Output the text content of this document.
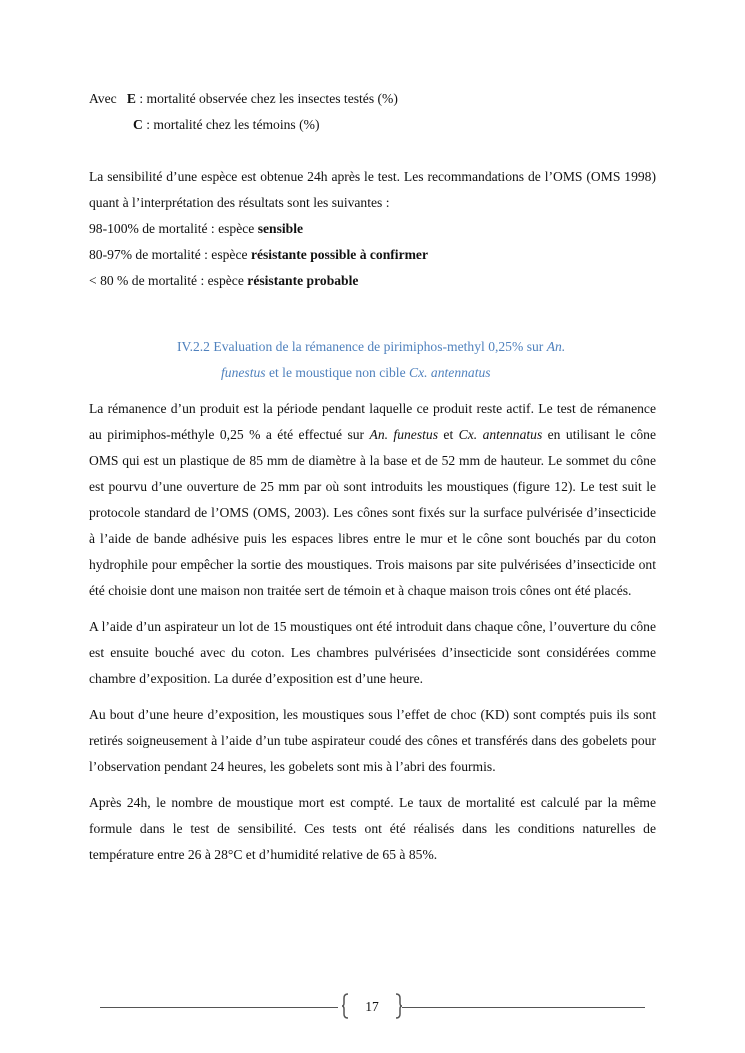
Avec E : mortalité observée chez les insectes testés (%)
C : mortalité chez les témoins (%)

La sensibilité d’une espèce est obtenue 24h après le test. Les recommandations de l’OMS (OMS 1998) quant à l’interprétation des résultats sont les suivantes :

98-100% de mortalité : espèce sensible
80-97% de mortalité : espèce résistante possible à confirmer
< 80 % de mortalité : espèce résistante probable
IV.2.2 Evaluation de la rémanence de pirimiphos-methyl 0,25% sur An.
funestus et le moustique non cible Cx. antennatus

La rémanence d’un produit est la période pendant laquelle ce produit reste actif. Le test de rémanence au pirimiphos-méthyle 0,25 % a été effectué sur An. funestus et Cx. antennatus en utilisant le cône OMS qui est un plastique de 85 mm de diamètre à la base et de 52 mm de hauteur. Le sommet du cône est pourvu d’une ouverture de 25 mm par où sont introduits les moustiques (figure 12). Le test suit le protocole standard de l’OMS (OMS, 2003). Les cônes sont fixés sur la surface pulvérisée d’insecticide à l’aide de bande adhésive puis les espaces libres entre le mur et le cône sont bouchés par du coton hydrophile pour empêcher la sortie des moustiques. Trois maisons par site pulvérisées d’insecticide ont été choisie dont une maison non traitée sert de témoin et à chaque maison trois cônes ont été placés.

A l’aide d’un aspirateur un lot de 15 moustiques ont été introduit dans chaque cône, l’ouverture du cône est ensuite bouché avec du coton. Les chambres pulvérisées d’insecticide sont considérées comme chambre d’exposition. La durée d’exposition est d’une heure.

Au bout d’une heure d’exposition, les moustiques sous l’effet de choc (KD) sont comptés puis ils sont retirés soigneusement à l’aide d’un tube aspirateur coudé des cônes et transférés dans des gobelets pour l’observation pendant 24 heures, les gobelets sont mis à l’abri des fourmis.

Après 24h, le nombre de moustique mort est compté. Le taux de mortalité est calculé par la même formule dans le test de sensibilité. Ces tests ont été réalisés dans les conditions naturelles de température entre 26 à 28°C et d’humidité relative de 65 à 85%.

17
